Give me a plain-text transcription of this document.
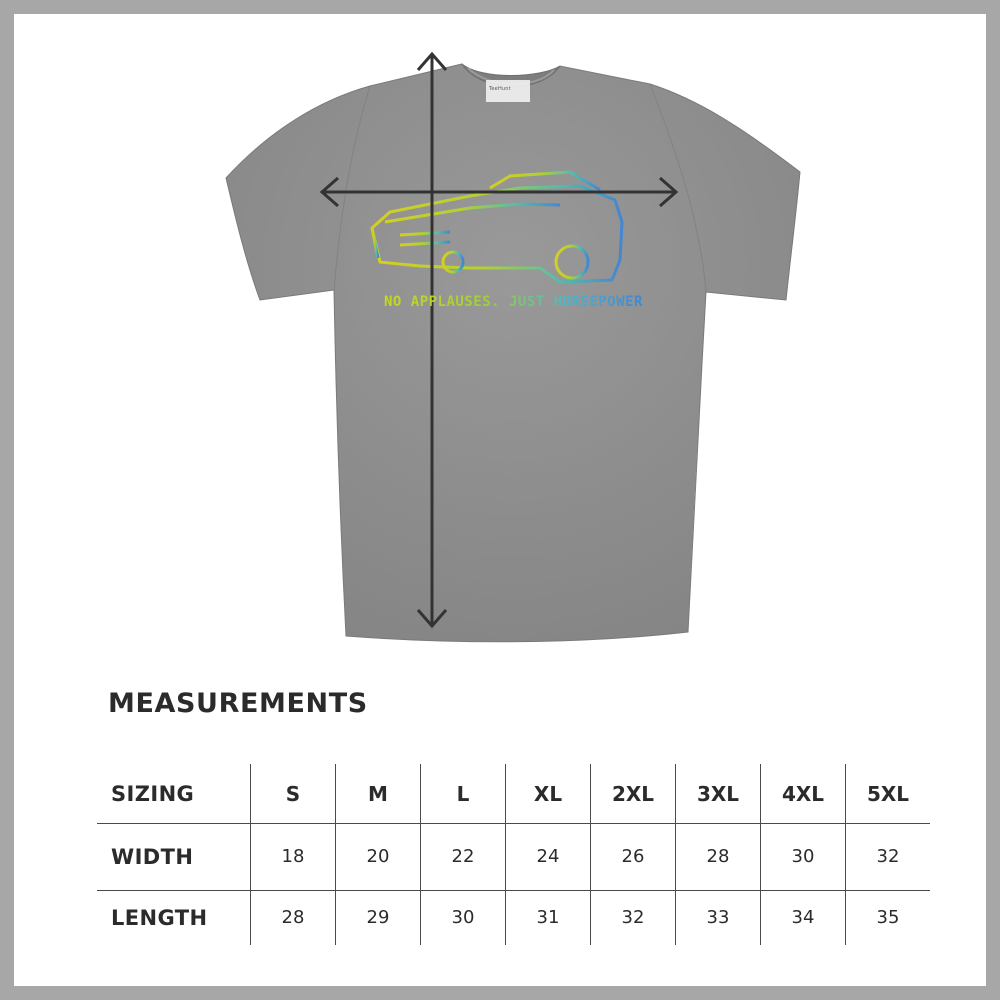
TeeHunt
NO APPLAUSES. JUST HORSEPOWER.
MEASUREMENTS
SIZING	S	M	L	XL	2XL	3XL	4XL	5XL
WIDTH	18	20	22	24	26	28	30	32
LENGTH	28	29	30	31	32	33	34	35
